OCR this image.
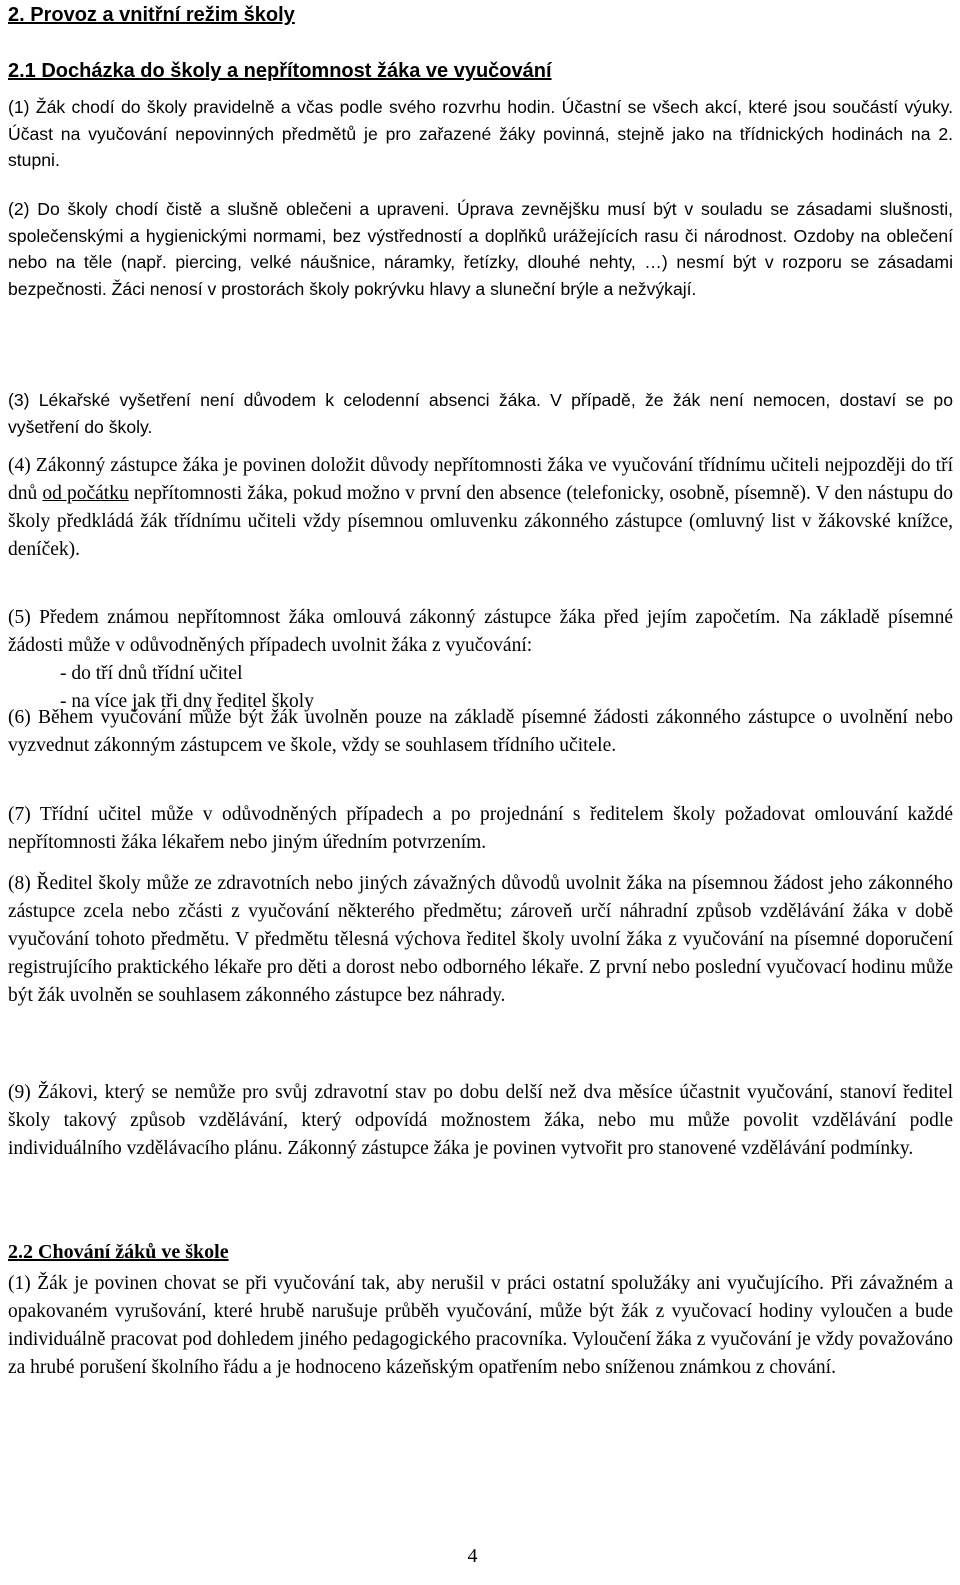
2. Provoz a vnitřní režim školy
2.1 Docházka do školy a nepřítomnost žáka ve vyučování

(1) Žák chodí do školy pravidelně a včas podle svého rozvrhu hodin. Účastní se všech akcí, které jsou součástí výuky. Účast na vyučování nepovinných předmětů je pro zařazené žáky povinná, stejně jako na třídnických hodinách na 2. stupni.

(2) Do školy chodí čistě a slušně oblečeni a upraveni. Úprava zevnějšku musí být v souladu se zásadami slušnosti, společenskými a hygienickými normami, bez výstředností a doplňků urážejících rasu či národnost. Ozdoby na oblečení nebo na těle (např. piercing, velké náušnice, náramky, řetízky, dlouhé nehty, …) nesmí být v rozporu se zásadami bezpečnosti. Žáci nenosí v prostorách školy pokrývku hlavy a sluneční brýle a nežvýkají.

(3) Lékařské vyšetření není důvodem k celodenní absenci žáka. V případě, že žák není nemocen, dostaví se po vyšetření do školy.

(4) Zákonný zástupce žáka je povinen doložit důvody nepřítomnosti žáka ve vyučování třídnímu učiteli nejpozději do tří dnů od počátku nepřítomnosti žáka, pokud možno v první den absence (telefonicky, osobně, písemně). V den nástupu do školy předkládá žák třídnímu učiteli vždy písemnou omluvenku zákonného zástupce (omluvný list v žákovské knížce, deníček).

(5) Předem známou nepřítomnost žáka omlouvá zákonný zástupce žáka před jejím započetím. Na základě písemné žádosti může v odůvodněných případech uvolnit žáka z vyučování:
- do tří dnů třídní učitel
- na více jak tři dny ředitel školy

(6) Během vyučování může být žák uvolněn pouze na základě písemné žádosti zákonného zástupce o uvolnění nebo vyzvednut zákonným zástupcem ve škole, vždy se souhlasem třídního učitele.

(7) Třídní učitel může v odůvodněných případech a po projednání s ředitelem školy požadovat omlouvání každé nepřítomnosti žáka lékařem nebo jiným úředním potvrzením.

(8) Ředitel školy může ze zdravotních nebo jiných závažných důvodů uvolnit žáka na písemnou žádost jeho zákonného zástupce zcela nebo zčásti z vyučování některého předmětu; zároveň určí náhradní způsob vzdělávání žáka v době vyučování tohoto předmětu. V předmětu tělesná výchova ředitel školy uvolní žáka z vyučování na písemné doporučení registrujícího praktického lékaře pro děti a dorost nebo odborného lékaře. Z první nebo poslední vyučovací hodinu může být žák uvolněn se souhlasem zákonného zástupce bez náhrady.

(9) Žákovi, který se nemůže pro svůj zdravotní stav po dobu delší než dva měsíce účastnit vyučování, stanoví ředitel školy takový způsob vzdělávání, který odpovídá možnostem žáka, nebo mu může povolit vzdělávání podle individuálního vzdělávacího plánu. Zákonný zástupce žáka je povinen vytvořit pro stanovené vzdělávání podmínky.

2.2 Chování žáků ve škole

(1) Žák je povinen chovat se při vyučování tak, aby nerušil v práci ostatní spolužáky ani vyučujícího. Při závažném a opakovaném vyrušování, které hrubě narušuje průběh vyučování, může být žák z vyučovací hodiny vyloučen a bude individuálně pracovat pod dohledem jiného pedagogického pracovníka. Vyloučení žáka z vyučování je vždy považováno za hrubé porušení školního řádu a je hodnoceno kázeňským opatřením nebo sníženou známkou z chování.

4
